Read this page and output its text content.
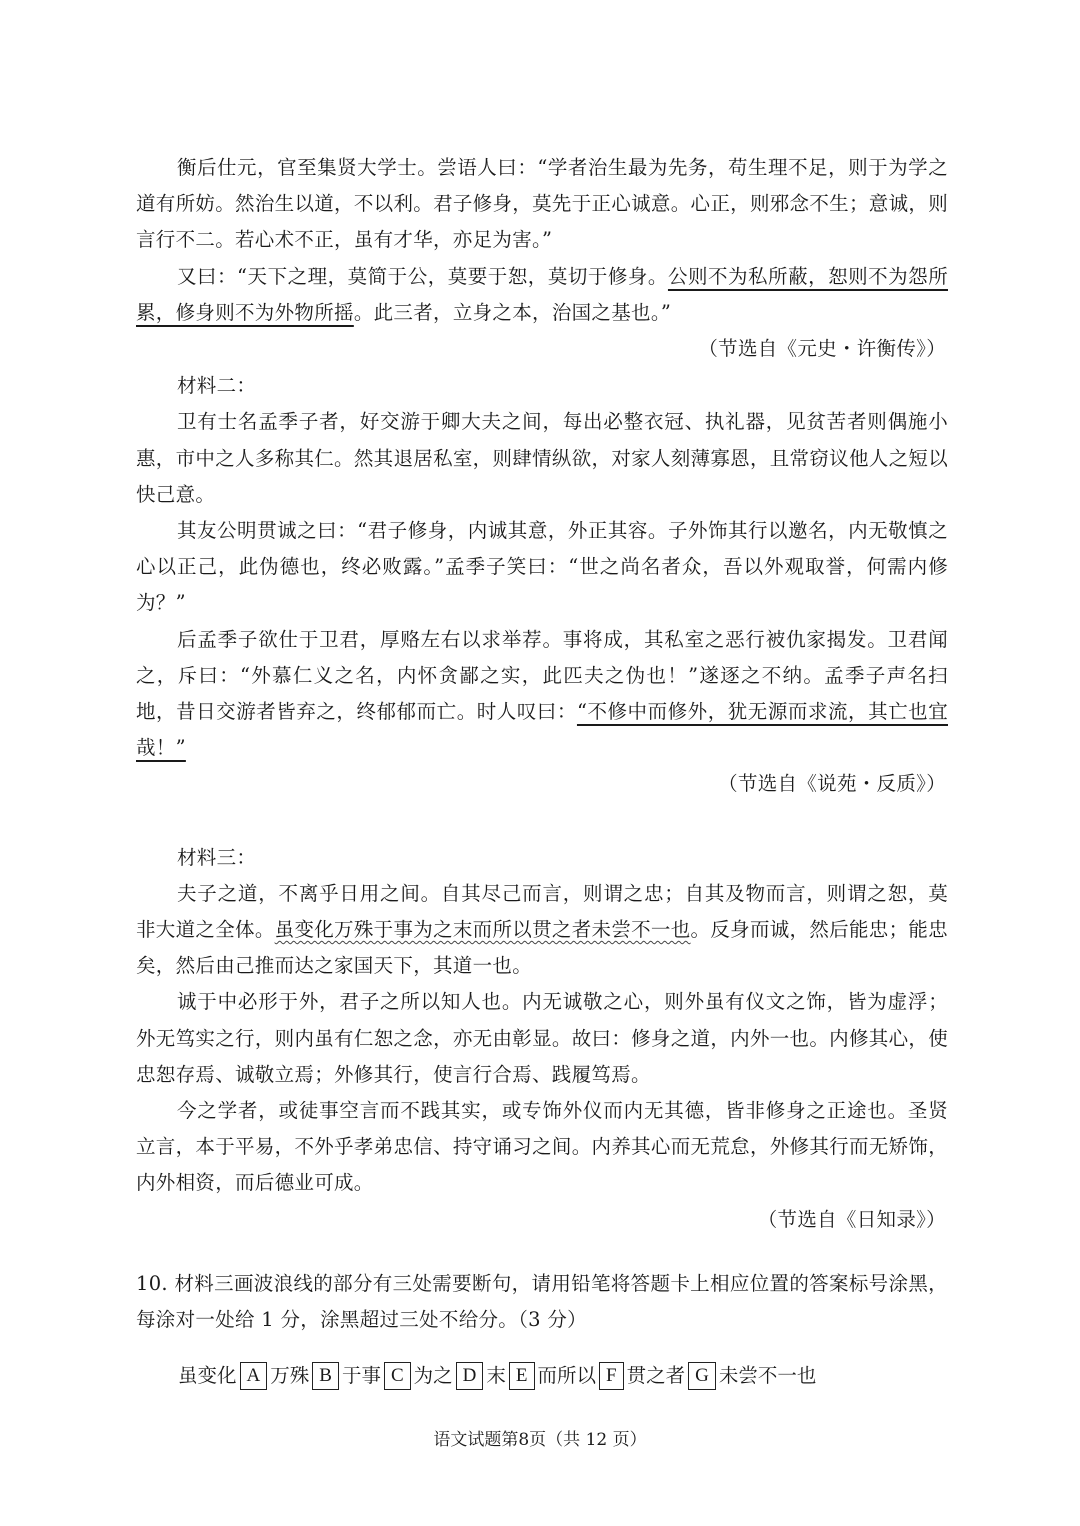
衡后仕元，官至集贤大学士。尝语人曰：“学者治生最为先务，苟生理不足，则于为学之道有所妨。然治生以道，不以利。君子修身，莫先于正心诚意。心正，则邪念不生；意诚，则言行不二。若心术不正，虽有才华，亦足为害。”

又曰：“天下之理，莫简于公，莫要于恕，莫切于修身。公则不为私所蔽，恕则不为怨所累，修身则不为外物所摇。此三者，立身之本，治国之基也。”

（节选自《元史・许衡传》）

材料二：

卫有士名孟季子者，好交游于卿大夫之间，每出必整衣冠、执礼器，见贫苦者则偶施小惠，市中之人多称其仁。然其退居私室，则肆情纵欲，对家人刻薄寡恩，且常窃议他人之短以快己意。

其友公明贯诚之曰：“君子修身，内诚其意，外正其容。子外饰其行以邀名，内无敬慎之心以正己，此伪德也，终必败露。”孟季子笑曰：“世之尚名者众，吾以外观取誉，何需内修为？”

后孟季子欲仕于卫君，厚赂左右以求举荐。事将成，其私室之恶行被仇家揭发。卫君闻之，斥曰：“外慕仁义之名，内怀贪鄙之实，此匹夫之伪也！”遂逐之不纳。孟季子声名扫地，昔日交游者皆弃之，终郁郁而亡。时人叹曰：“不修中而修外，犹无源而求流，其亡也宜哉！”

（节选自《说苑・反质》）

材料三：

夫子之道，不离乎日用之间。自其尽己而言，则谓之忠；自其及物而言，则谓之恕，莫非大道之全体。虽变化万殊于事为之末而所以贯之者未尝不一也。反身而诚，然后能忠；能忠矣，然后由己推而达之家国天下，其道一也。

诚于中必形于外，君子之所以知人也。内无诚敬之心，则外虽有仪文之饰，皆为虚浮；外无笃实之行，则内虽有仁恕之念，亦无由彰显。故曰：修身之道，内外一也。内修其心，使忠恕存焉、诚敬立焉；外修其行，使言行合焉、践履笃焉。

今之学者，或徒事空言而不践其实，或专饰外仪而内无其德，皆非修身之正途也。圣贤立言，本于平易，不外乎孝弟忠信、持守诵习之间。内养其心而无荒怠，外修其行而无矫饰，内外相资，而后德业可成。

（节选自《日知录》）

10. 材料三画波浪线的部分有三处需要断句，请用铅笔将答题卡上相应位置的答案标号涂黑，每涂对一处给 1 分，涂黑超过三处不给分。（3 分）

虽变化 A 万殊 B 于事 C 为之 D 末 E 而所以 F 贯之者 G 未尝不一也
语文试题第8页（共 12 页）
